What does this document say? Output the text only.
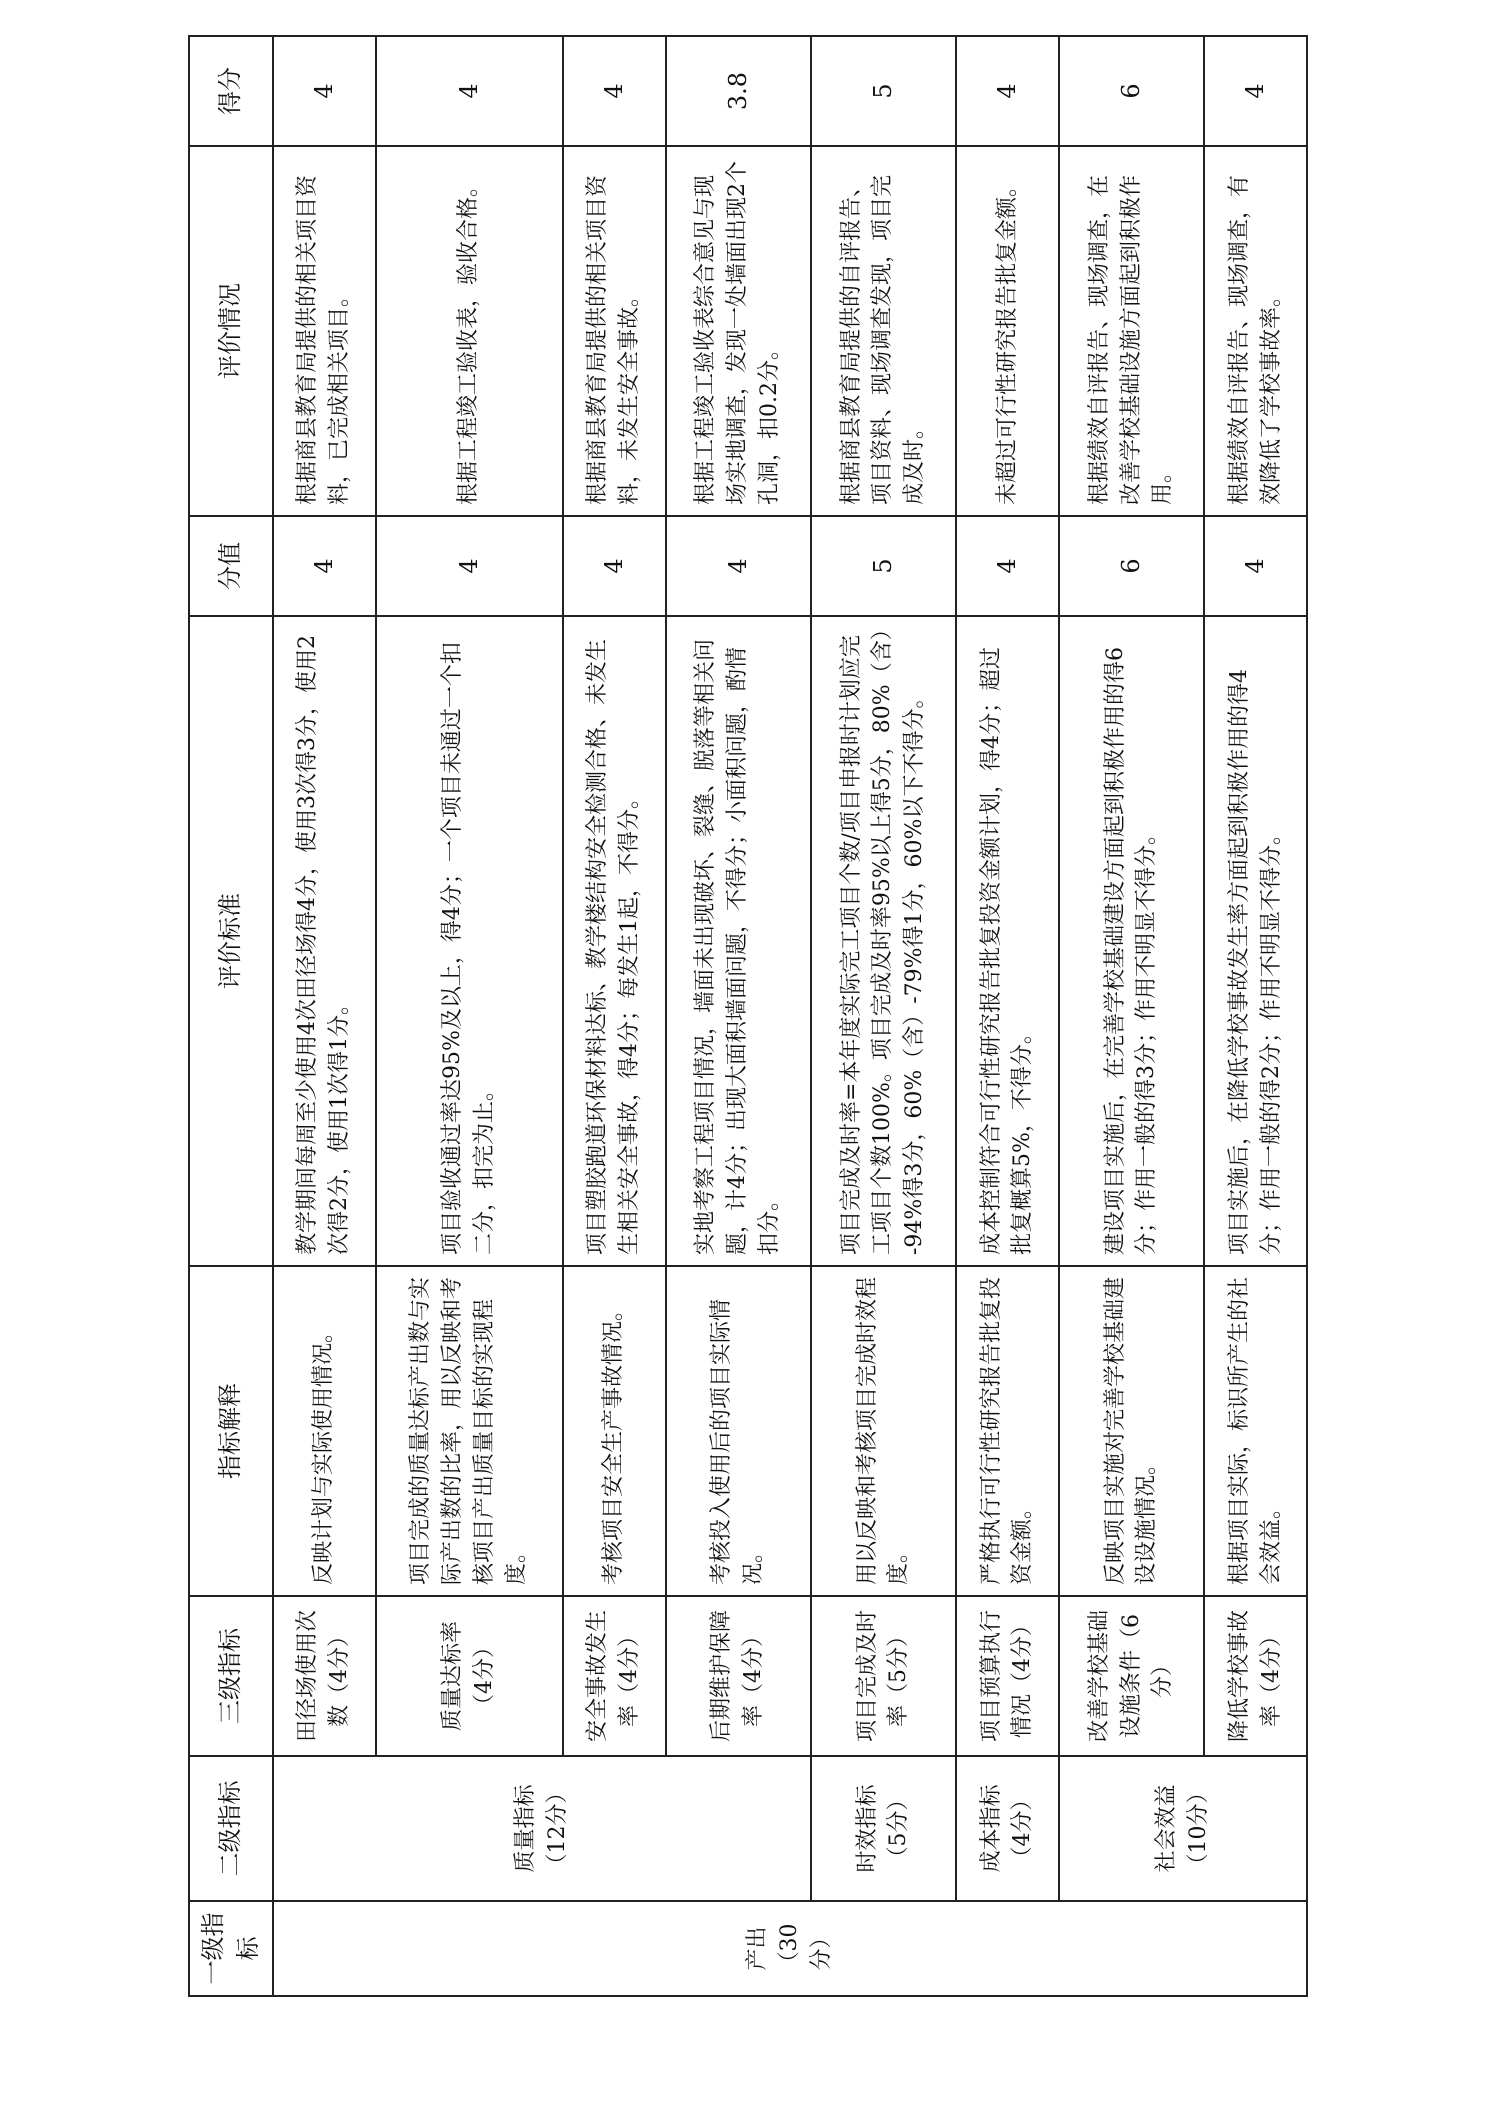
一级指标	二级指标	三级指标	指标解释	评价标准	分值	评价情况	得分
产出（30分）	质量指标（12分）	田径场使用次数（4分）	反映计划与实际使用情况。	教学期间每周至少使用4次田径场得4分，使用3次得3分，使用2次得2分，使用1次得1分。	4	根据商县教育局提供的相关项目资料，已完成相关项目。	4
		质量达标率（4分）	项目完成的质量达标产出数与实际产出数的比率，用以反映和考核项目产出质量目标的实现程度。	项目验收通过率达95%及以上，得4分；一个项目未通过一个扣二分，扣完为止。	4	根据工程竣工验收表，验收合格。	4
		安全事故发生率（4分）	考核项目安全生产事故情况。	项目塑胶跑道环保材料达标、教学楼结构安全检测合格、未发生生相关安全事故，得4分；每发生1起，不得分。	4	根据商县教育局提供的相关项目资料，未发生安全事故。	4
		后期维护保障率（4分）	考核投入使用后的项目实际情况。	实地考察工程项目情况，墙面未出现破坏、裂缝、脱落等相关问题，计4分；出现大面积墙面问题，不得分；小面积问题，酌情扣分。	4	根据工程竣工验收表综合意见与现场实地调查，发现一处墙面出现2个孔洞，扣0.2分。	3.8
	时效指标（5分）	项目完成及时率（5分）	用以反映和考核项目完成时效程度。	项目完成及时率=本年度实际完工项目个数/项目申报时计划应完工项目个数100%。项目完成及时率95%以上得5分，80%（含）-94%得3分，60%（含）-79%得1分，60%以下不得分。	5	根据商县教育局提供的自评报告、项目资料、现场调查发现，项目完成及时。	5
	成本指标（4分）	项目预算执行情况（4分）	严格执行可行性研究报告批复投资金额。	成本控制符合可行性研究报告批复投资金额计划，得4分；超过批复概算5%，不得分。	4	未超过可行性研究报告批复金额。	4
	社会效益（10分）	改善学校基础设施条件（6分）	反映项目实施对完善学校基础建设设施情况。	建设项目实施后，在完善学校基础建设方面起到积极作用的得6分；作用一般的得3分；作用不明显不得分。	6	根据绩效自评报告、现场调查，在改善学校基础设施方面起到积极作用。	6
		降低学校事故率（4分）	根据项目实际，标识所产生的社会效益。	项目实施后，在降低学校事故发生率方面起到积极作用的得4分；作用一般的得2分；作用不明显不得分。	4	根据绩效自评报告、现场调查，有效降低了学校事故率。	4
